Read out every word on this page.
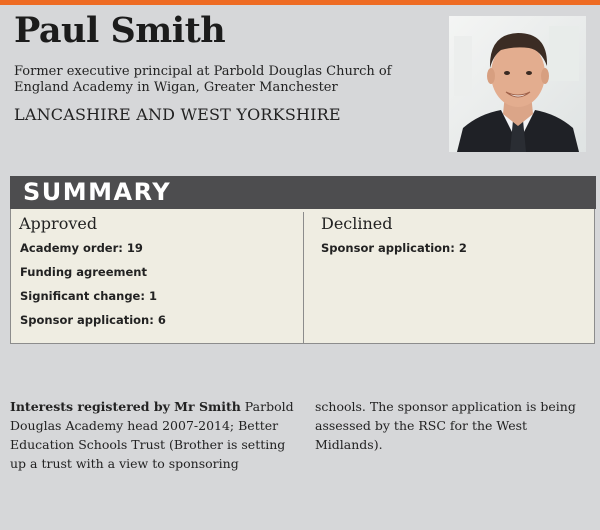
Paul Smith
Former executive principal at Parbold Douglas Church of England Academy in Wigan, Greater Manchester
LANCASHIRE AND WEST YORKSHIRE
SUMMARY
Approved
Academy order: 19
Funding agreement
Significant change: 1
Sponsor application: 6
Declined
Sponsor application: 2
Interests registered by Mr Smith Parbold Douglas Academy head 2007-2014; Better Education Schools Trust (Brother is setting up a trust with a view to sponsoring
schools. The sponsor application is being assessed by the RSC for the West Midlands).
